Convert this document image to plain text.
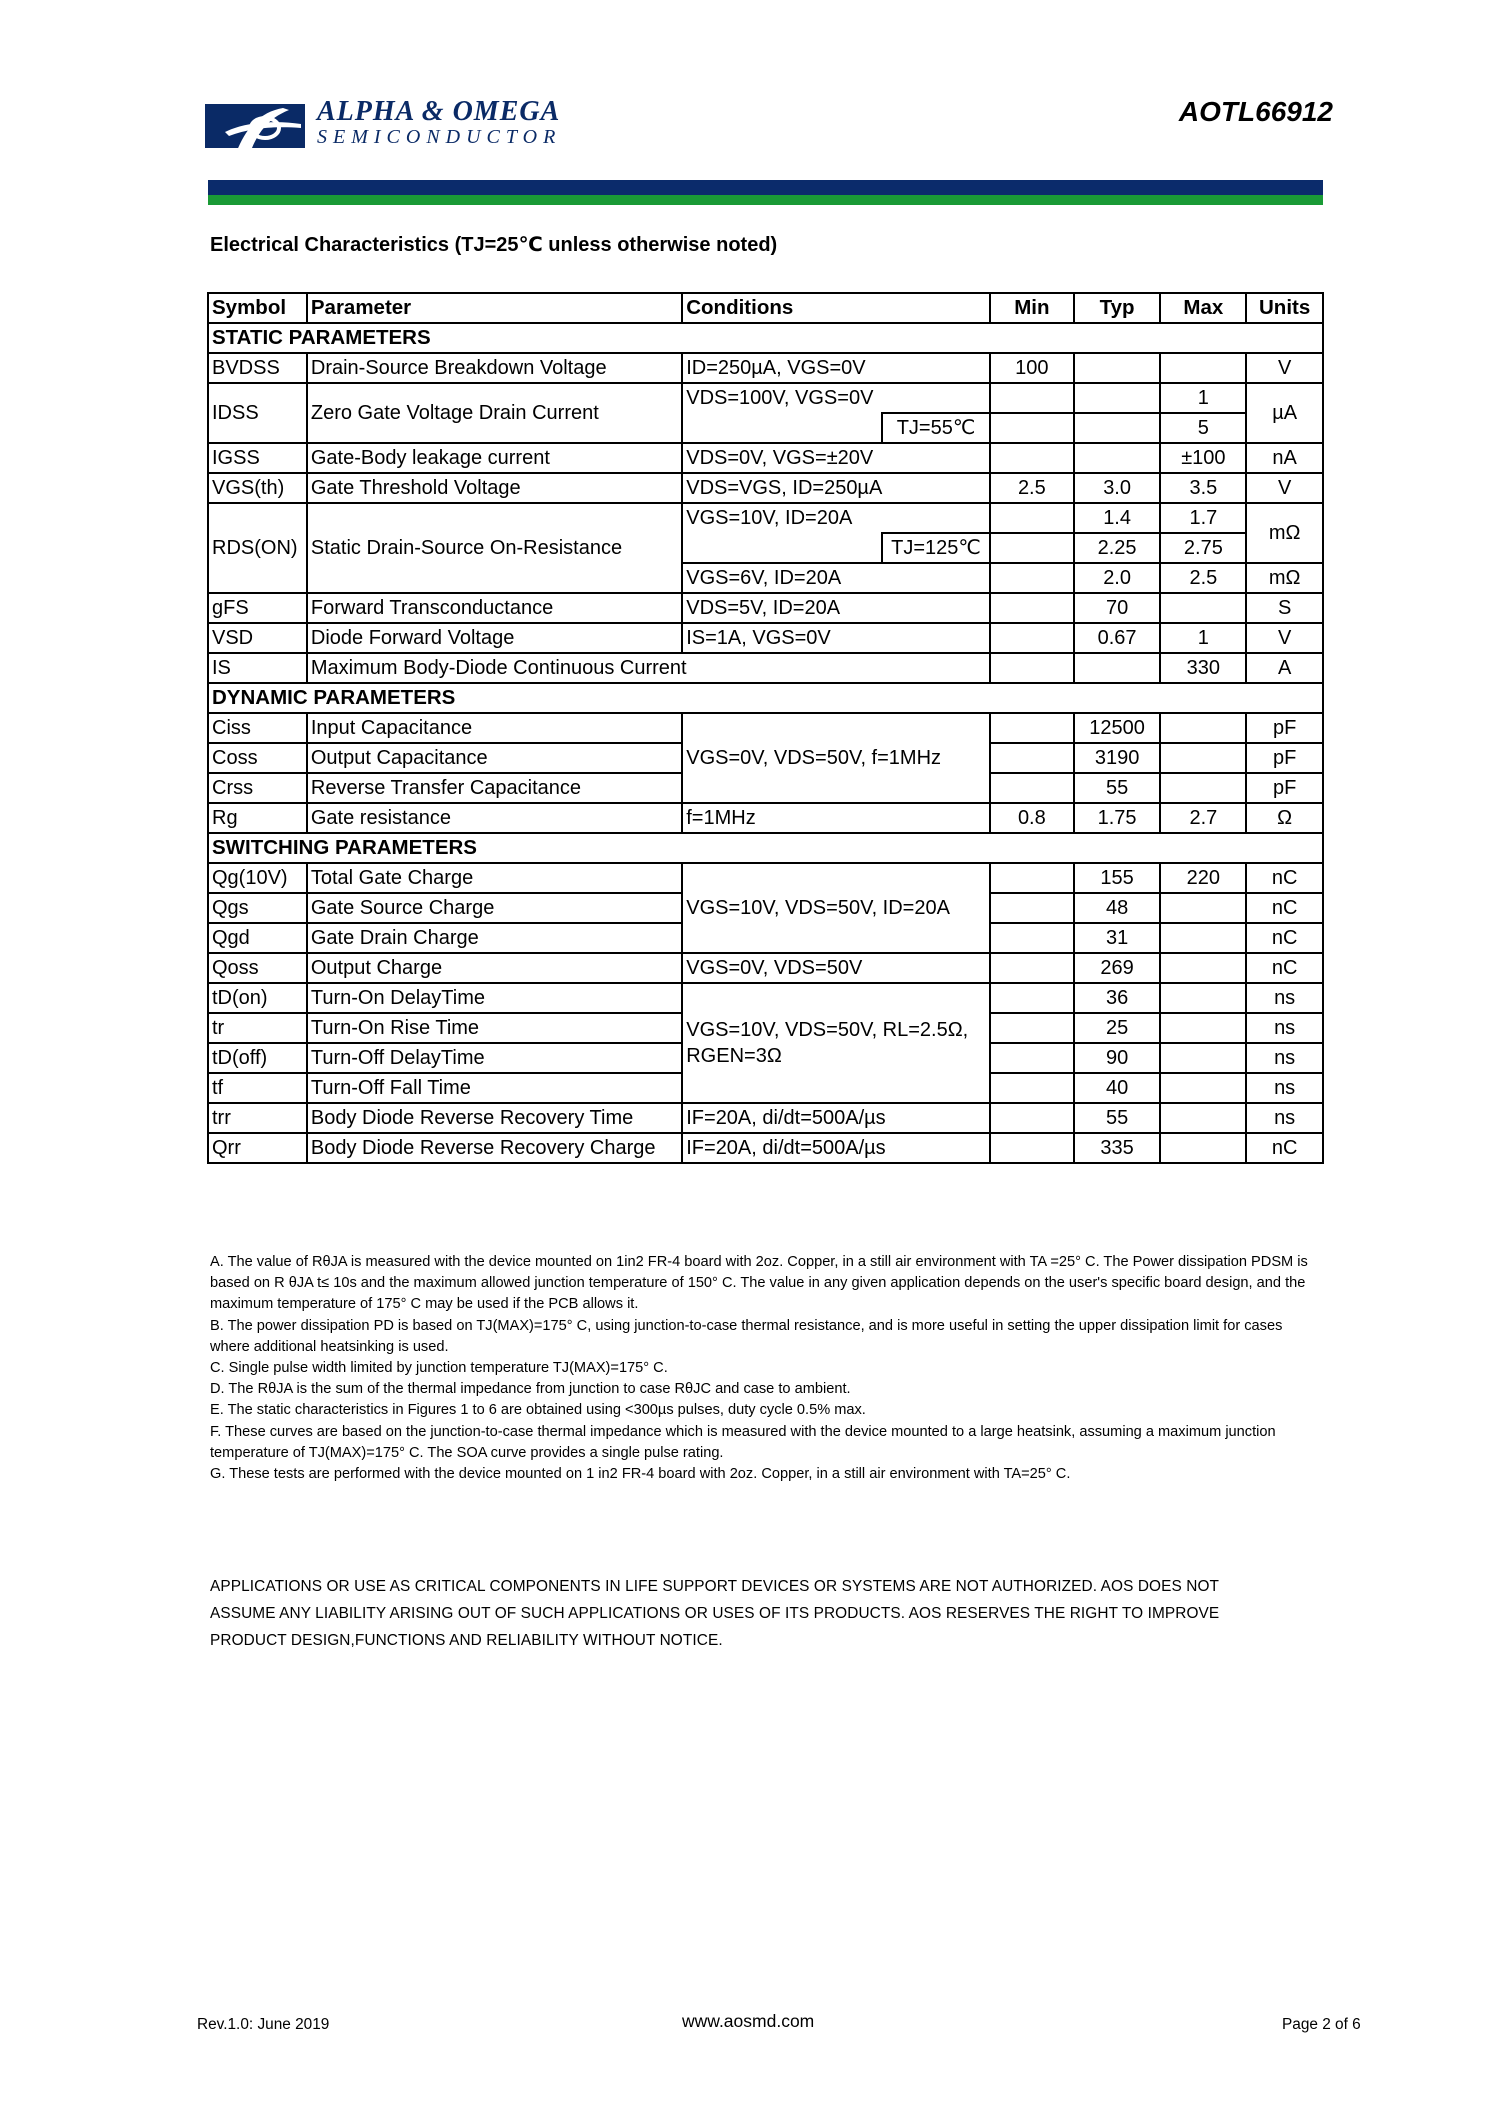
ALPHA & OMEGA
SEMICONDUCTOR
AOTL66912
Electrical Characteristics (TJ=25℃ unless otherwise noted)
Symbol	Parameter	Conditions		Min	Typ	Max	Units
STATIC PARAMETERS							
BVDSS	Drain-Source Breakdown Voltage	ID=250µA, VGS=0V		100			V
IDSS	Zero Gate Voltage Drain Current	VDS=100V, VGS=0V				1	µA
			TJ=55℃			5	
IGSS	Gate-Body leakage current	VDS=0V, VGS=±20V				±100	nA
VGS(th)	Gate Threshold Voltage	VDS=VGS, ID=250µA		2.5	3.0	3.5	V
RDS(ON)	Static Drain-Source On-Resistance	VGS=10V, ID=20A			1.4	1.7	mΩ
			TJ=125℃		2.25	2.75	
		VGS=6V, ID=20A			2.0	2.5	mΩ
gFS	Forward Transconductance	VDS=5V, ID=20A			70		S
VSD	Diode Forward Voltage	IS=1A, VGS=0V			0.67	1	V
IS	Maximum Body-Diode Continuous Current					330	A
DYNAMIC PARAMETERS							
Ciss	Input Capacitance	VGS=0V, VDS=50V, f=1MHz			12500		pF
Coss	Output Capacitance				3190		pF
Crss	Reverse Transfer Capacitance				55		pF
Rg	Gate resistance	f=1MHz		0.8	1.75	2.7	Ω
SWITCHING PARAMETERS							
Qg(10V)	Total Gate Charge	VGS=10V, VDS=50V, ID=20A			155	220	nC
Qgs	Gate Source Charge				48		nC
Qgd	Gate Drain Charge				31		nC
Qoss	Output Charge	VGS=0V, VDS=50V			269		nC
tD(on)	Turn-On DelayTime	VGS=10V, VDS=50V, RL=2.5Ω, RGEN=3Ω			36		ns
tr	Turn-On Rise Time				25		ns
tD(off)	Turn-Off DelayTime				90		ns
tf	Turn-Off Fall Time				40		ns
trr	Body Diode Reverse Recovery Time	IF=20A, di/dt=500A/µs			55		ns
Qrr	Body Diode Reverse Recovery Charge	IF=20A, di/dt=500A/µs			335		nC

A. The value of RθJA is measured with the device mounted on 1in2 FR-4 board with 2oz. Copper, in a still air environment with TA =25° C. The Power dissipation PDSM is based on R θJA t≤ 10s and the maximum allowed junction temperature of 150° C. The value in any given application depends on the user's specific board design, and the maximum temperature of 175° C may be used if the PCB allows it.

B. The power dissipation PD is based on TJ(MAX)=175° C, using junction-to-case thermal resistance, and is more useful in setting the upper dissipation limit for cases where additional heatsinking is used.

C. Single pulse width limited by junction temperature TJ(MAX)=175° C.

D. The RθJA is the sum of the thermal impedance from junction to case RθJC and case to ambient.

E. The static characteristics in Figures 1 to 6 are obtained using <300µs pulses, duty cycle 0.5% max.

F. These curves are based on the junction-to-case thermal impedance which is measured with the device mounted to a large heatsink, assuming a maximum junction temperature of TJ(MAX)=175° C. The SOA curve provides a single pulse rating.

G. These tests are performed with the device mounted on 1 in2 FR-4 board with 2oz. Copper, in a still air environment with TA=25° C.

APPLICATIONS OR USE AS CRITICAL COMPONENTS IN LIFE SUPPORT DEVICES OR SYSTEMS ARE NOT AUTHORIZED. AOS DOES NOT

ASSUME ANY LIABILITY ARISING OUT OF SUCH APPLICATIONS OR USES OF ITS PRODUCTS. AOS RESERVES THE RIGHT TO IMPROVE

PRODUCT DESIGN,FUNCTIONS AND RELIABILITY WITHOUT NOTICE.

Rev.1.0: June 2019	www.aosmd.com	Page 2 of 6
